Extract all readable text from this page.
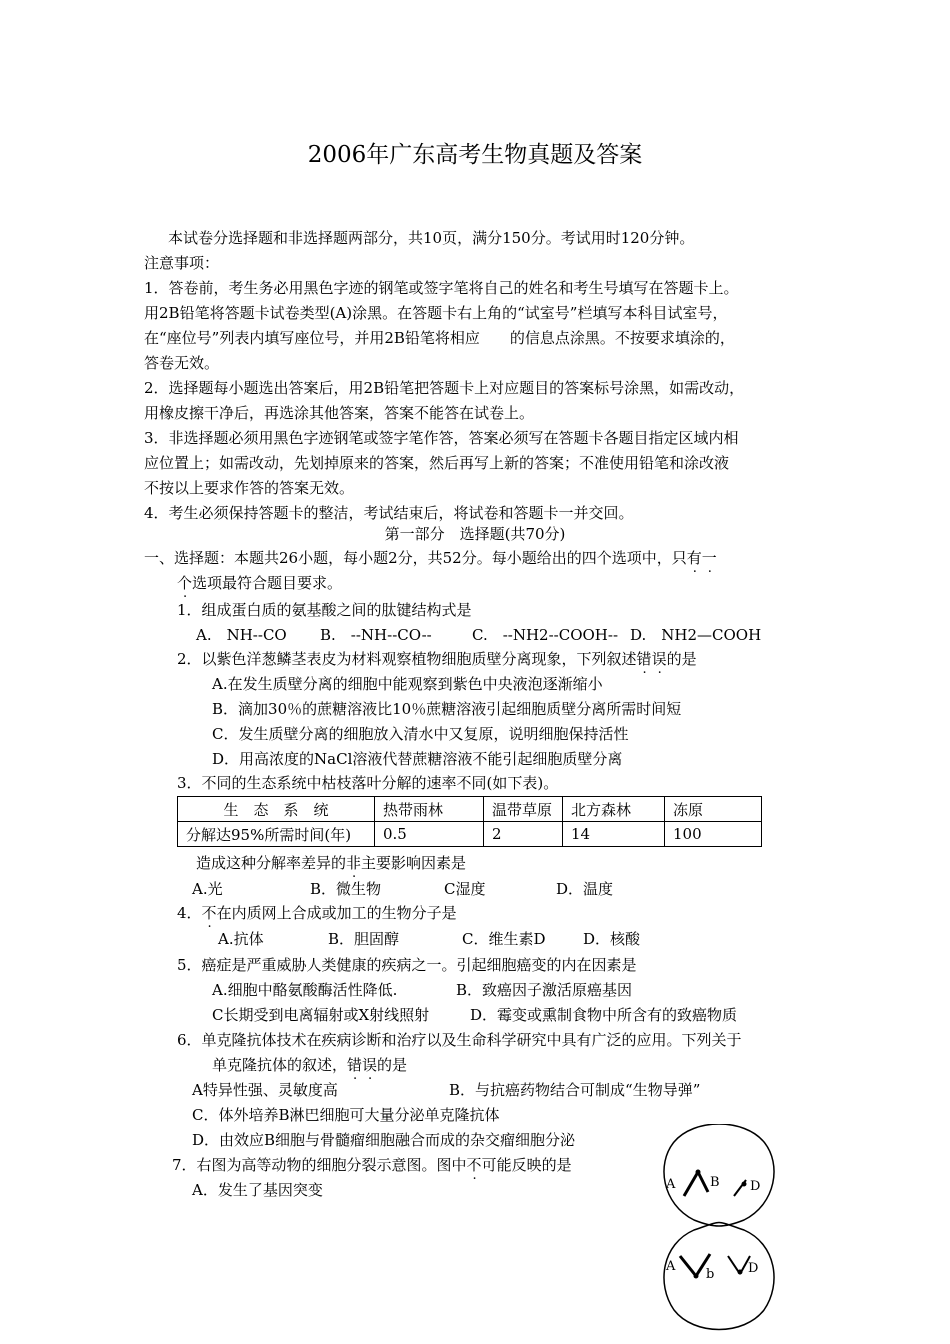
2006年广东高考生物真题及答案
本试卷分选择题和非选择题两部分，共10页，满分150分。考试用时120分钟。
注意事项：
1．答卷前，考生务必用黑色字迹的钢笔或签字笔将自己的姓名和考生号填写在答题卡上。
用2B铅笔将答题卡试卷类型(A)涂黑。在答题卡右上角的“试室号”栏填写本科目试室号，
在“座位号”列表内填写座位号，并用2B铅笔将相应　　的信息点涂黑。不按要求填涂的，
答卷无效。
2．选择题每小题选出答案后，用2B铅笔把答题卡上对应题目的答案标号涂黑，如需改动，
用橡皮擦干净后，再选涂其他答案，答案不能答在试卷上。
3．非选择题必须用黑色字迹钢笔或签字笔作答，答案必须写在答题卡各题目指定区域内相
应位置上；如需改动，先划掉原来的答案，然后再写上新的答案；不准使用铅笔和涂改液
不按以上要求作答的答案无效。
4．考生必须保持答题卡的整洁，考试结束后，将试卷和答题卡一并交回。
第一部分　选择题(共70分)
一、选择题：本题共26小题，每小题2分，共52分。每小题给出的四个选项中，只有一
个选项最符合题目要求。
1．组成蛋白质的氨基酸之间的肽键结构式是
A.　NH--CO B.　--NH--CO--	C.　--NH2--COOH-- D.　NH2—COOH
2．以紫色洋葱鳞茎表皮为材料观察植物细胞质壁分离现象，下列叙述错误的是
A.在发生质壁分离的细胞中能观察到紫色中央液泡逐渐缩小
B．滴加30％的蔗糖溶液比10％蔗糖溶液引起细胞质壁分离所需时间短
C．发生质壁分离的细胞放入清水中又复原，说明细胞保持活性
D．用高浓度的NaCl溶液代替蔗糖溶液不能引起细胞质壁分离
3．不同的生态系统中枯枝落叶分解的速率不同(如下表)。
生　态　系　统	热带雨林	温带草原	北方森林	冻原
分解达95%所需时间(年)	0.5	2	14	100
造成这种分解率差异的非主要影响因素是
A.光	B．微生物	C湿度	D．温度
4．不在内质网上合成或加工的生物分子是
A.抗体	B．胆固醇	C．维生素D D．核酸
5．癌症是严重威胁人类健康的疾病之一。引起细胞癌变的内在因素是
A.细胞中酪氨酸酶活性降低.	B．致癌因子激活原癌基因
C长期受到电离辐射或X射线照射	D．霉变或熏制食物中所含有的致癌物质
6．单克隆抗体技术在疾病诊断和治疗以及生命科学研究中具有广泛的应用。下列关于
单克隆抗体的叙述，错误的是
A特异性强、灵敏度高	B．与抗癌药物结合可制成“生物导弹”
C．体外培养B淋巴细胞可大量分泌单克隆抗体
D．由效应B细胞与骨髓瘤细胞融合而成的杂交瘤细胞分泌
7．右图为高等动物的细胞分裂示意图。图中不可能反映的是
A．发生了基因突变	A	B D
A
b	D
